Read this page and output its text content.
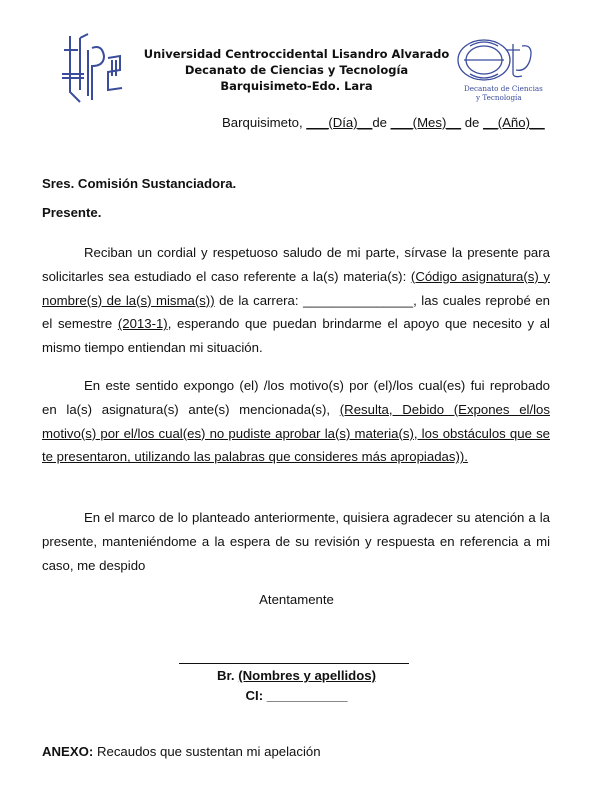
Decanato de Ciencias
y Tecnología
Universidad Centroccidental Lisandro Alvarado
Decanato de Ciencias y Tecnología
Barquisimeto-Edo. Lara
Barquisimeto, ___(Día)__de ___(Mes)__ de __(Año)__
Sres. Comisión Sustanciadora.
Presente.
Reciban un cordial y respetuoso saludo de mi parte, sírvase la presente para solicitarles sea estudiado el caso referente a la(s) materia(s): (Código asignatura(s) y nombre(s) de la(s) misma(s)) de la carrera: _______________, las cuales reprobé en el semestre (2013-1), esperando que puedan brindarme el apoyo que necesito y al mismo tiempo entiendan mi situación.
En este sentido expongo (el) /los motivo(s) por (el)/los cual(es) fui reprobado en la(s) asignatura(s) ante(s) mencionada(s), (Resulta, Debido (Expones el/los motivo(s) por el/los cual(es) no pudiste aprobar la(s) materia(s), los obstáculos que se te presentaron, utilizando las palabras que consideres más apropiadas)).
En el marco de lo planteado anteriormente, quisiera agradecer su atención a la presente, manteniéndome a la espera de su revisión y respuesta en referencia a mi caso, me despido
Atentamente
Br. (Nombres y apellidos)
CI: ___________
ANEXO: Recaudos que sustentan mi apelación
